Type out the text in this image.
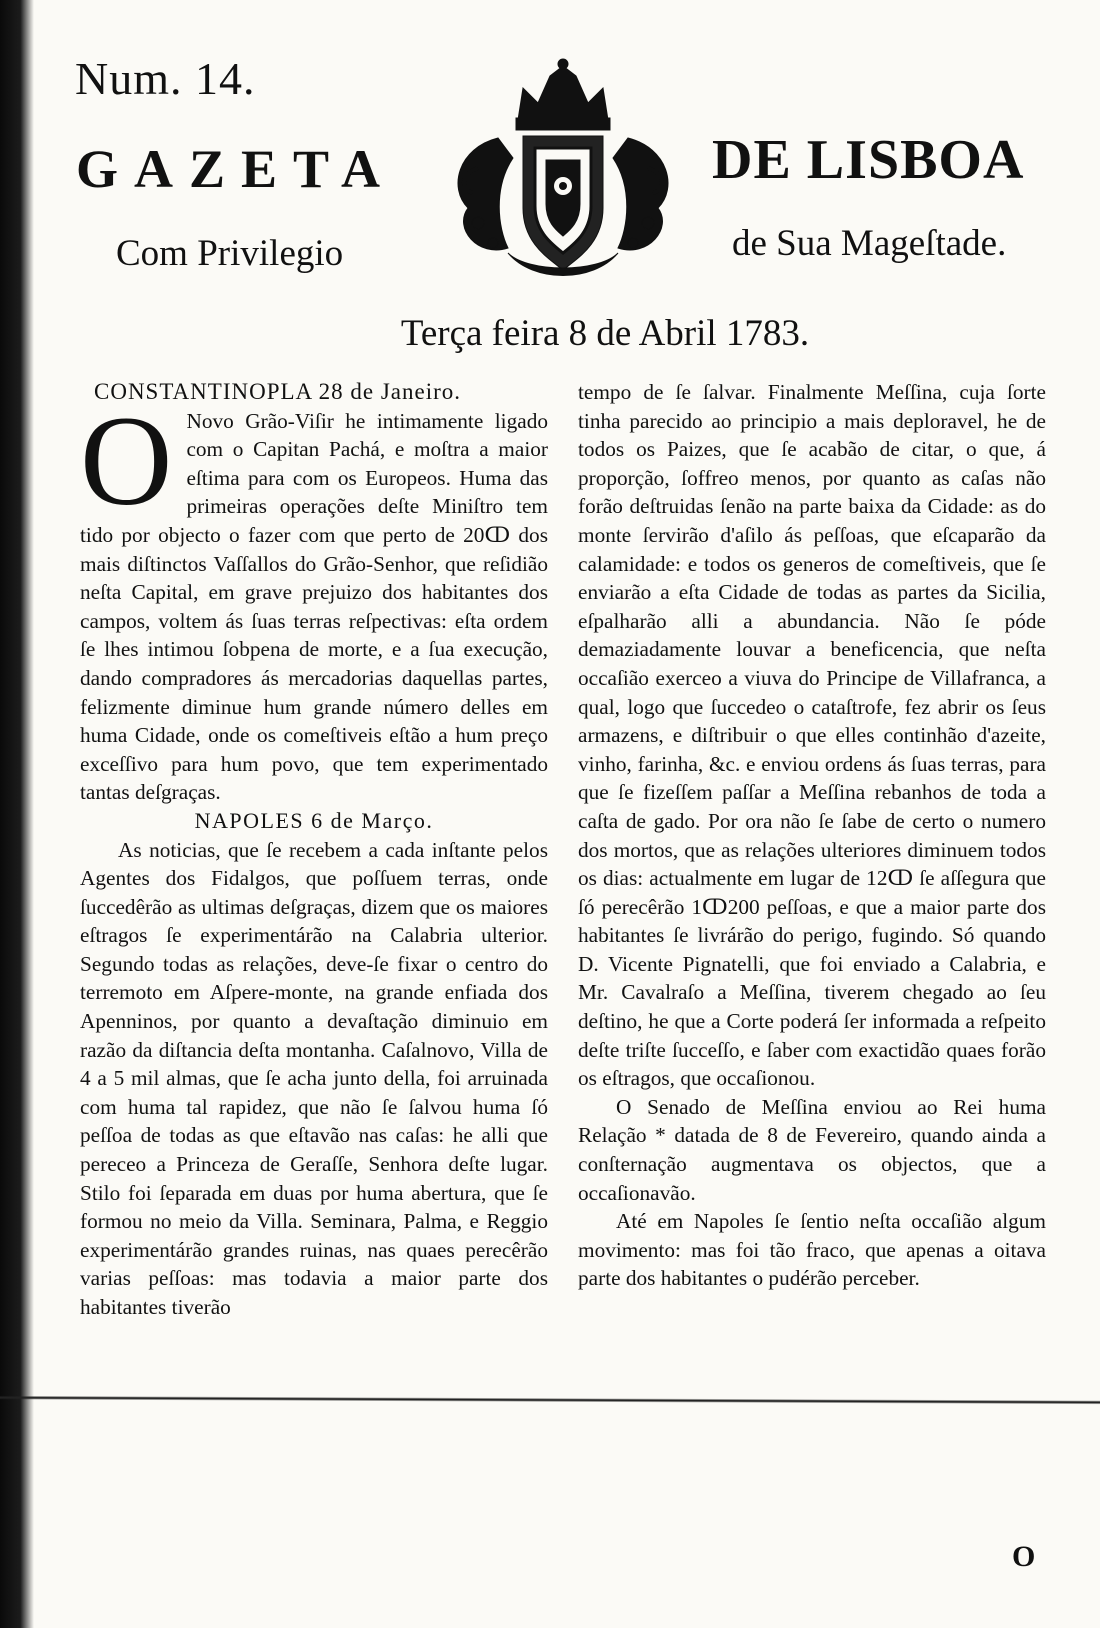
Num. 14.
GAZETA	DE LISBOA
Com Privilegio	de Sua Mageſtade.
Terça feira 8 de Abril 1783.

CONSTANTINOPLA 28 de Janeiro.

O Novo Grão-Viſir he intimamente ligado com o Capitan Pachá, e moſtra a maior eſtima para com os Europeos. Huma das primeiras operações deſte Miniſtro tem tido por objecto o fazer com que perto de 20ↀ dos mais diſtinctos Vaſſallos do Grão-Senhor, que reſidião neſta Capital, em grave prejuizo dos habitantes dos campos, voltem ás ſuas terras reſpectivas: eſta ordem ſe lhes intimou ſobpena de morte, e a ſua execução, dando compradores ás mercadorias daquellas partes, felizmente diminue hum grande número delles em huma Cidade, onde os comeſtiveis eſtão a hum preço exceſſivo para hum povo, que tem experimentado tantas deſgraças.

NAPOLES 6 de Março.

As noticias, que ſe recebem a cada inſtante pelos Agentes dos Fidalgos, que poſſuem terras, onde ſuccedêrão as ultimas deſgraças, dizem que os maiores eſtragos ſe experimentárão na Calabria ulterior. Segundo todas as relações, deve-ſe fixar o centro do terremoto em Aſpere-monte, na grande enfiada dos Apenninos, por quanto a devaſtação diminuio em razão da diſtancia deſta montanha. Caſalnovo, Villa de 4 a 5 mil almas, que ſe acha junto della, foi arruinada com huma tal rapidez, que não ſe ſalvou huma ſó peſſoa de todas as que eſtavão nas caſas: he alli que pereceo a Princeza de Geraſſe, Senhora deſte lugar. Stilo foi ſeparada em duas por huma abertura, que ſe formou no meio da Villa. Seminara, Palma, e Reggio experimentárão grandes ruinas, nas quaes perecêrão varias peſſoas: mas todavia a maior parte dos habitantes tiverão

tempo de ſe ſalvar. Finalmente Meſſina, cuja ſorte tinha parecido ao principio a mais deploravel, he de todos os Paizes, que ſe acabão de citar, o que, á proporção, ſoffreo menos, por quanto as caſas não forão deſtruidas ſenão na parte baixa da Cidade: as do monte ſervirão d'aſilo ás peſſoas, que eſcaparão da calamidade: e todos os generos de comeſtiveis, que ſe enviarão a eſta Cidade de todas as partes da Sicilia, eſpalharão alli a abundancia. Não ſe póde demaziadamente louvar a beneficencia, que neſta occaſião exerceo a viuva do Principe de Villafranca, a qual, logo que ſuccedeo o cataſtrofe, fez abrir os ſeus armazens, e diſtribuir o que elles continhão d'azeite, vinho, farinha, &c. e enviou ordens ás ſuas terras, para que ſe fizeſſem paſſar a Meſſina rebanhos de toda a caſta de gado. Por ora não ſe ſabe de certo o numero dos mortos, que as relações ulteriores diminuem todos os dias: actualmente em lugar de 12ↀ ſe aſſegura que ſó perecêrão 1ↀ200 peſſoas, e que a maior parte dos habitantes ſe livrárão do perigo, fugindo. Só quando D. Vicente Pignatelli, que foi enviado a Calabria, e Mr. Cavalraſo a Meſſina, tiverem chegado ao ſeu deſtino, he que a Corte poderá ſer informada a reſpeito deſte triſte ſucceſſo, e ſaber com exactidão quaes forão os eſtragos, que occaſionou.

O Senado de Meſſina enviou ao Rei huma Relação * datada de 8 de Fevereiro, quando ainda a conſternação augmentava os objectos, que a occaſionavão.

Até em Napoles ſe ſentio neſta occaſião algum movimento: mas foi tão fraco, que apenas a oitava parte dos habitantes o pudérão perceber.

O
